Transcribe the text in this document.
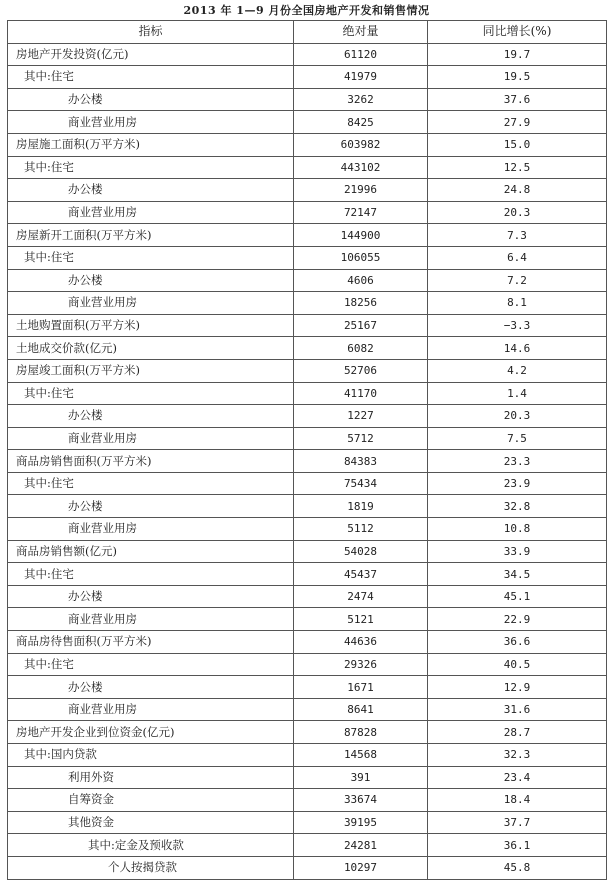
2013 年 1—9 月份全国房地产开发和销售情况
指标	绝对量	同比增长(%)
房地产开发投资(亿元)	61120	19.7
其中:住宅	41979	19.5
办公楼	3262	37.6
商业营业用房	8425	27.9
房屋施工面积(万平方米)	603982	15.0
其中:住宅	443102	12.5
办公楼	21996	24.8
商业营业用房	72147	20.3
房屋新开工面积(万平方米)	144900	7.3
其中:住宅	106055	6.4
办公楼	4606	7.2
商业营业用房	18256	8.1
土地购置面积(万平方米)	25167	−3.3
土地成交价款(亿元)	6082	14.6
房屋竣工面积(万平方米)	52706	4.2
其中:住宅	41170	1.4
办公楼	1227	20.3
商业营业用房	5712	7.5
商品房销售面积(万平方米)	84383	23.3
其中:住宅	75434	23.9
办公楼	1819	32.8
商业营业用房	5112	10.8
商品房销售额(亿元)	54028	33.9
其中:住宅	45437	34.5
办公楼	2474	45.1
商业营业用房	5121	22.9
商品房待售面积(万平方米)	44636	36.6
其中:住宅	29326	40.5
办公楼	1671	12.9
商业营业用房	8641	31.6
房地产开发企业到位资金(亿元)	87828	28.7
其中:国内贷款	14568	32.3
利用外资	391	23.4
自筹资金	33674	18.4
其他资金	39195	37.7
其中:定金及预收款	24281	36.1
个人按揭贷款	10297	45.8
